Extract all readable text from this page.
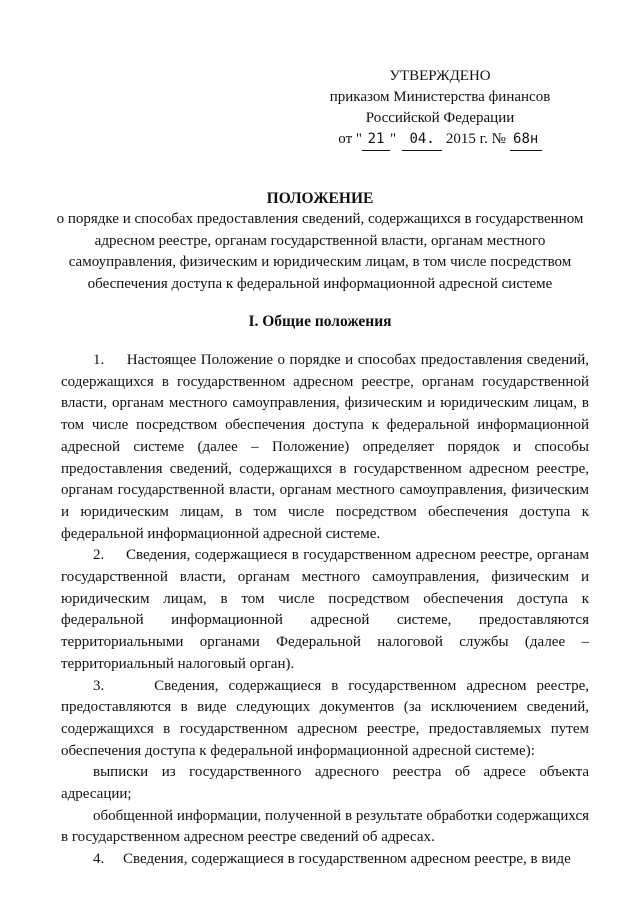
УТВЕРЖДЕНО
приказом Министерства финансов
Российской Федерации
от " 21 " 04. 2015 г. № 68н
ПОЛОЖЕНИЕ
о порядке и способах предоставления сведений, содержащихся в государственном адресном реестре, органам государственной власти, органам местного самоуправления, физическим и юридическим лицам, в том числе посредством обеспечения доступа к федеральной информационной адресной системе
I. Общие положения

1.     Настоящее Положение о порядке и способах предоставления сведений, содержащихся в государственном адресном реестре, органам государственной власти, органам местного самоуправления, физическим и юридическим лицам, в том числе посредством обеспечения доступа к федеральной информационной адресной системе (далее – Положение) определяет порядок и способы предоставления сведений, содержащихся в государственном адресном реестре, органам государственной власти, органам местного самоуправления, физическим и юридическим лицам, в том числе посредством обеспечения доступа к федеральной информационной адресной системе.

2.     Сведения, содержащиеся в государственном адресном реестре, органам государственной власти, органам местного самоуправления, физическим и юридическим лицам, в том числе посредством обеспечения доступа к федеральной информационной адресной системе, предоставляются территориальными органами Федеральной налоговой службы (далее – территориальный налоговый орган).

3.     Сведения, содержащиеся в государственном адресном реестре, предоставляются в виде следующих документов (за исключением сведений, содержащихся в государственном адресном реестре, предоставляемых путем обеспечения доступа к федеральной информационной адресной системе):

выписки из государственного адресного реестра об адресе объекта адресации;

обобщенной информации, полученной в результате обработки содержащихся в государственном адресном реестре сведений об адресах.

4.     Сведения, содержащиеся в государственном адресном реестре, в виде
